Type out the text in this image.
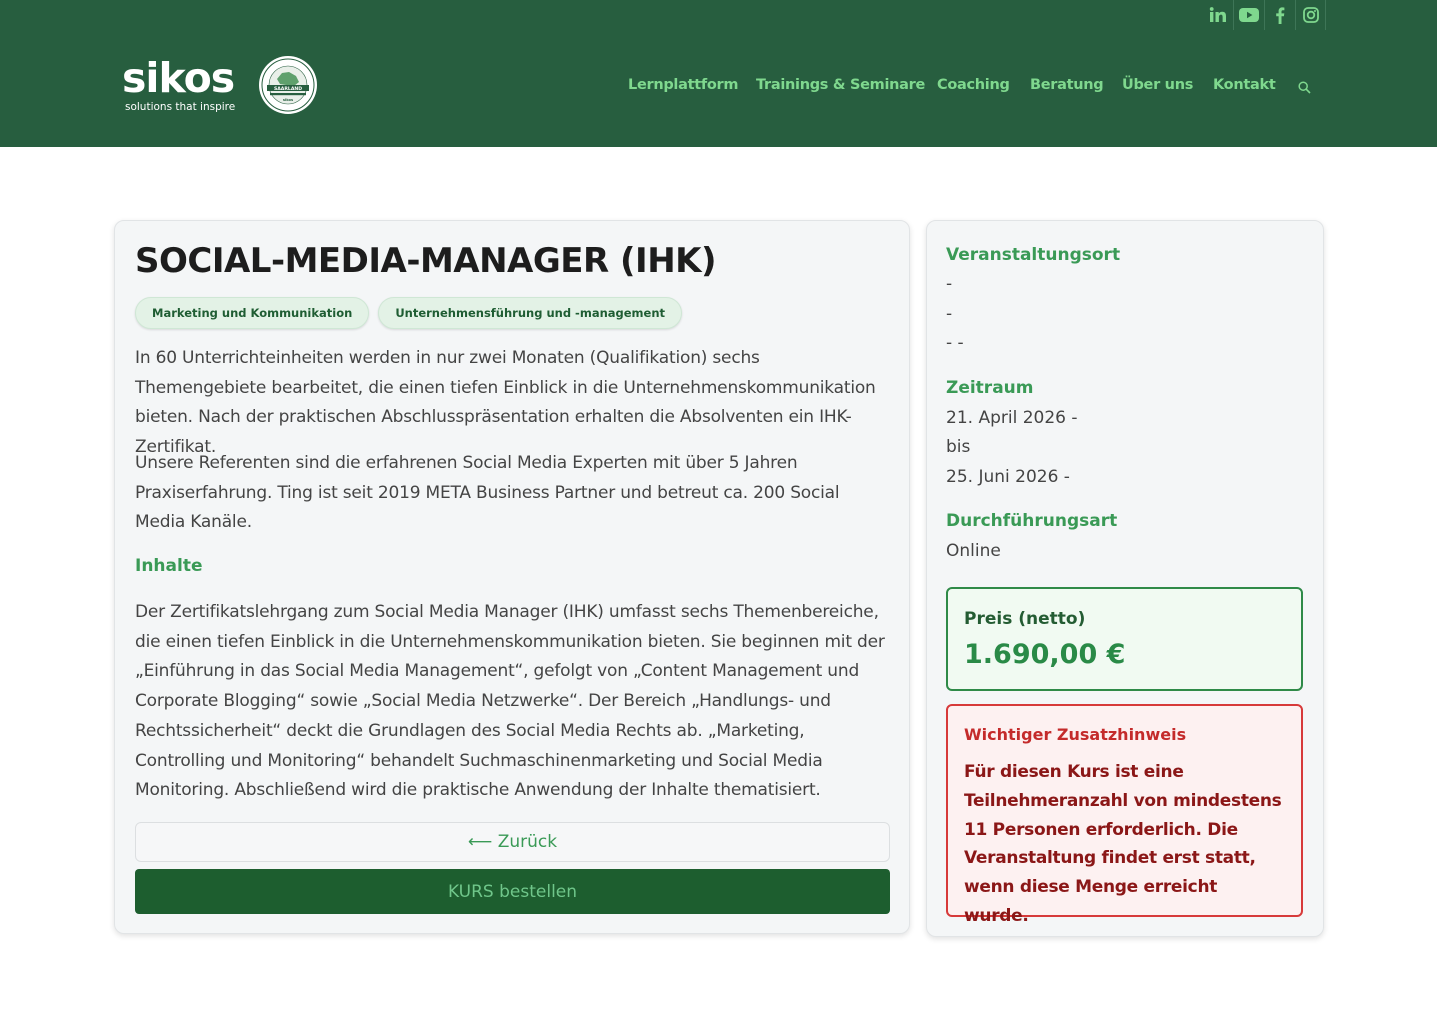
sikos
solutions that inspire
SAARLAND
sikos
Lernplattform Trainings & Seminare Coaching Beratung Über uns Kontakt
SOCIAL-MEDIA-MANAGER (IHK)
Marketing und Kommunikation	Unternehmensführung und -management

In 60 Unterrichteinheiten werden in nur zwei Monaten (Qualifikation) sechs Themengebiete bearbeitet, die einen tiefen Einblick in die Unternehmenskommunikation bieten. Nach der praktischen Abschlusspräsentation erhalten die Absolventen ein IHK-Zertifikat.

Unsere Referenten sind die erfahrenen Social Media Experten mit über 5 Jahren Praxiserfahrung. Ting ist seit 2019 META Business Partner und betreut ca. 200 Social Media Kanäle.

Inhalte

Der Zertifikatslehrgang zum Social Media Manager (IHK) umfasst sechs Themenbereiche, die einen tiefen Einblick in die Unternehmenskommunikation bieten. Sie beginnen mit der „Einführung in das Social Media Management“, gefolgt von „Content Management und Corporate Blogging“ sowie „Social Media Netzwerke“. Der Bereich „Handlungs- und Rechtssicherheit“ deckt die Grundlagen des Social Media Rechts ab. „Marketing, Controlling und Monitoring“ behandelt Suchmaschinenmarketing und Social Media Monitoring. Abschließend wird die praktische Anwendung der Inhalte thematisiert.

⟵ Zurück
KURS bestellen
Veranstaltungsort
-
-
- -
Zeitraum
21. April 2026 -
bis
25. Juni 2026 -
Durchführungsart
Online
Preis (netto)
1.690,00 €
Wichtiger Zusatzhinweis
Für diesen Kurs ist eine Teilnehmeranzahl von mindestens 11 Personen erforderlich. Die Veranstaltung findet erst statt, wenn diese Menge erreicht wurde.
